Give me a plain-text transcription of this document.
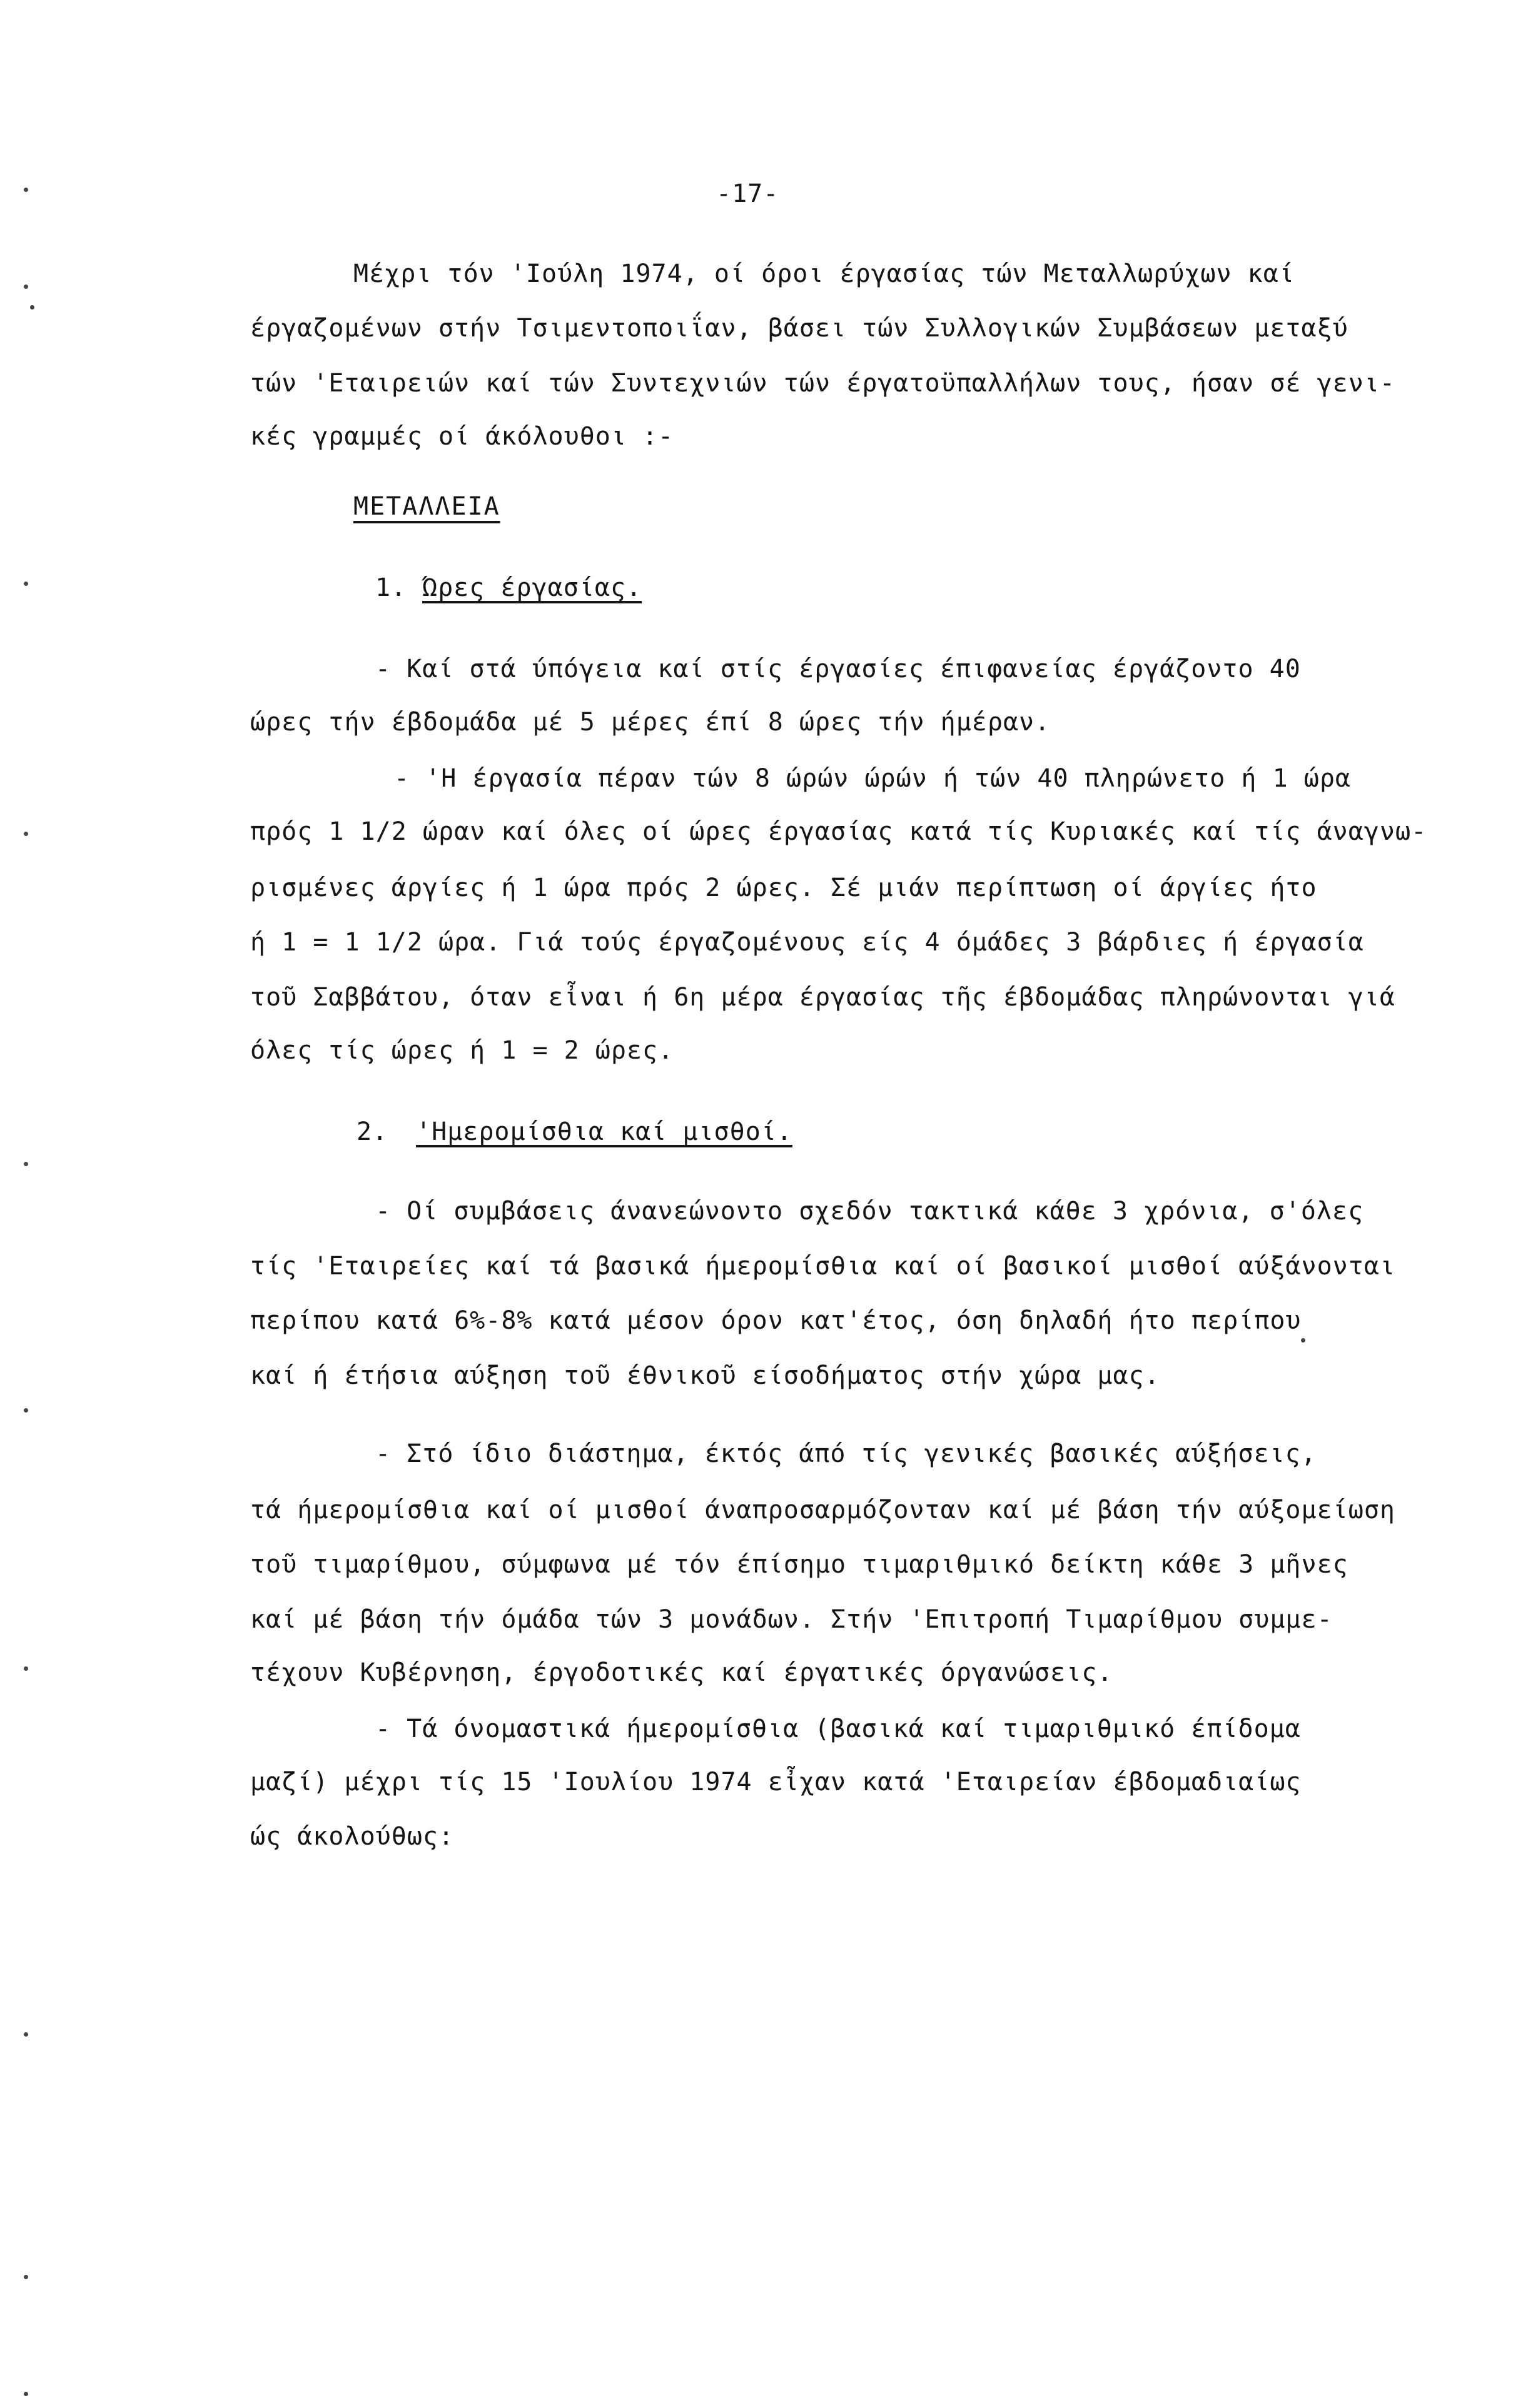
-17-
Μέχρι τόν 'Ιούλη 1974, οί όροι έργασίας τών Μεταλλωρύχων καί
έργαζομένων στήν Τσιμεντοποιΐαν, βάσει τών Συλλογικών Συμβάσεων μεταξύ
τών 'Εταιρειών καί τών Συντεχνιών τών έργατοϋπαλλήλων τους, ήσαν σέ γενι-
κές γραμμές οί άκόλουθοι :-
ΜΕΤΑΛΛΕΙΑ
1. Ώρες έργασίας.
- Καί στά ύπόγεια καί στίς έργασίες έπιφανείας έργάζοντο 40
ώρες τήν έβδομάδα μέ 5 μέρες έπί 8 ώρες τήν ήμέραν.
- 'Η έργασία πέραν τών 8 ώρών ώρών ή τών 40 πληρώνετο ή 1 ώρα
πρός 1 1/2 ώραν καί όλες οί ώρες έργασίας κατά τίς Κυριακές καί τίς άναγνω-
ρισμένες άργίες ή 1 ώρα πρός 2 ώρες. Σέ μιάν περίπτωση οί άργίες ήτο
ή 1 = 1 1/2 ώρα. Γιά τούς έργαζομένους είς 4 όμάδες 3 βάρδιες ή έργασία
τοῦ Σαββάτου, όταν εἶναι ή 6η μέρα έργασίας τῆς έβδομάδας πληρώνονται γιά
όλες τίς ώρες ή 1 = 2 ώρες.
2. 'Ημερομίσθια καί μισθοί.
- Οί συμβάσεις άνανεώνοντο σχεδόν τακτικά κάθε 3 χρόνια, σ'όλες
τίς 'Εταιρείες καί τά βασικά ήμερομίσθια καί οί βασικοί μισθοί αύξάνονται
περίπου κατά 6%-8% κατά μέσον όρον κατ'έτος, όση δηλαδή ήτο περίπου
καί ή έτήσια αύξηση τοῦ έθνικοῦ είσοδήματος στήν χώρα μας.
- Στό ίδιο διάστημα, έκτός άπό τίς γενικές βασικές αύξήσεις,
τά ήμερομίσθια καί οί μισθοί άναπροσαρμόζονταν καί μέ βάση τήν αύξομείωση
τοῦ τιμαρίθμου, σύμφωνα μέ τόν έπίσημο τιμαριθμικό δείκτη κάθε 3 μῆνες
καί μέ βάση τήν όμάδα τών 3 μονάδων. Στήν 'Επιτροπή Τιμαρίθμου συμμε-
τέχουν Κυβέρνηση, έργοδοτικές καί έργατικές όργανώσεις.
- Τά όνομαστικά ήμερομίσθια (βασικά καί τιμαριθμικό έπίδομα
μαζί) μέχρι τίς 15 'Ιουλίου 1974 εἶχαν κατά 'Εταιρείαν έβδομαδιαίως
ώς άκολούθως:
